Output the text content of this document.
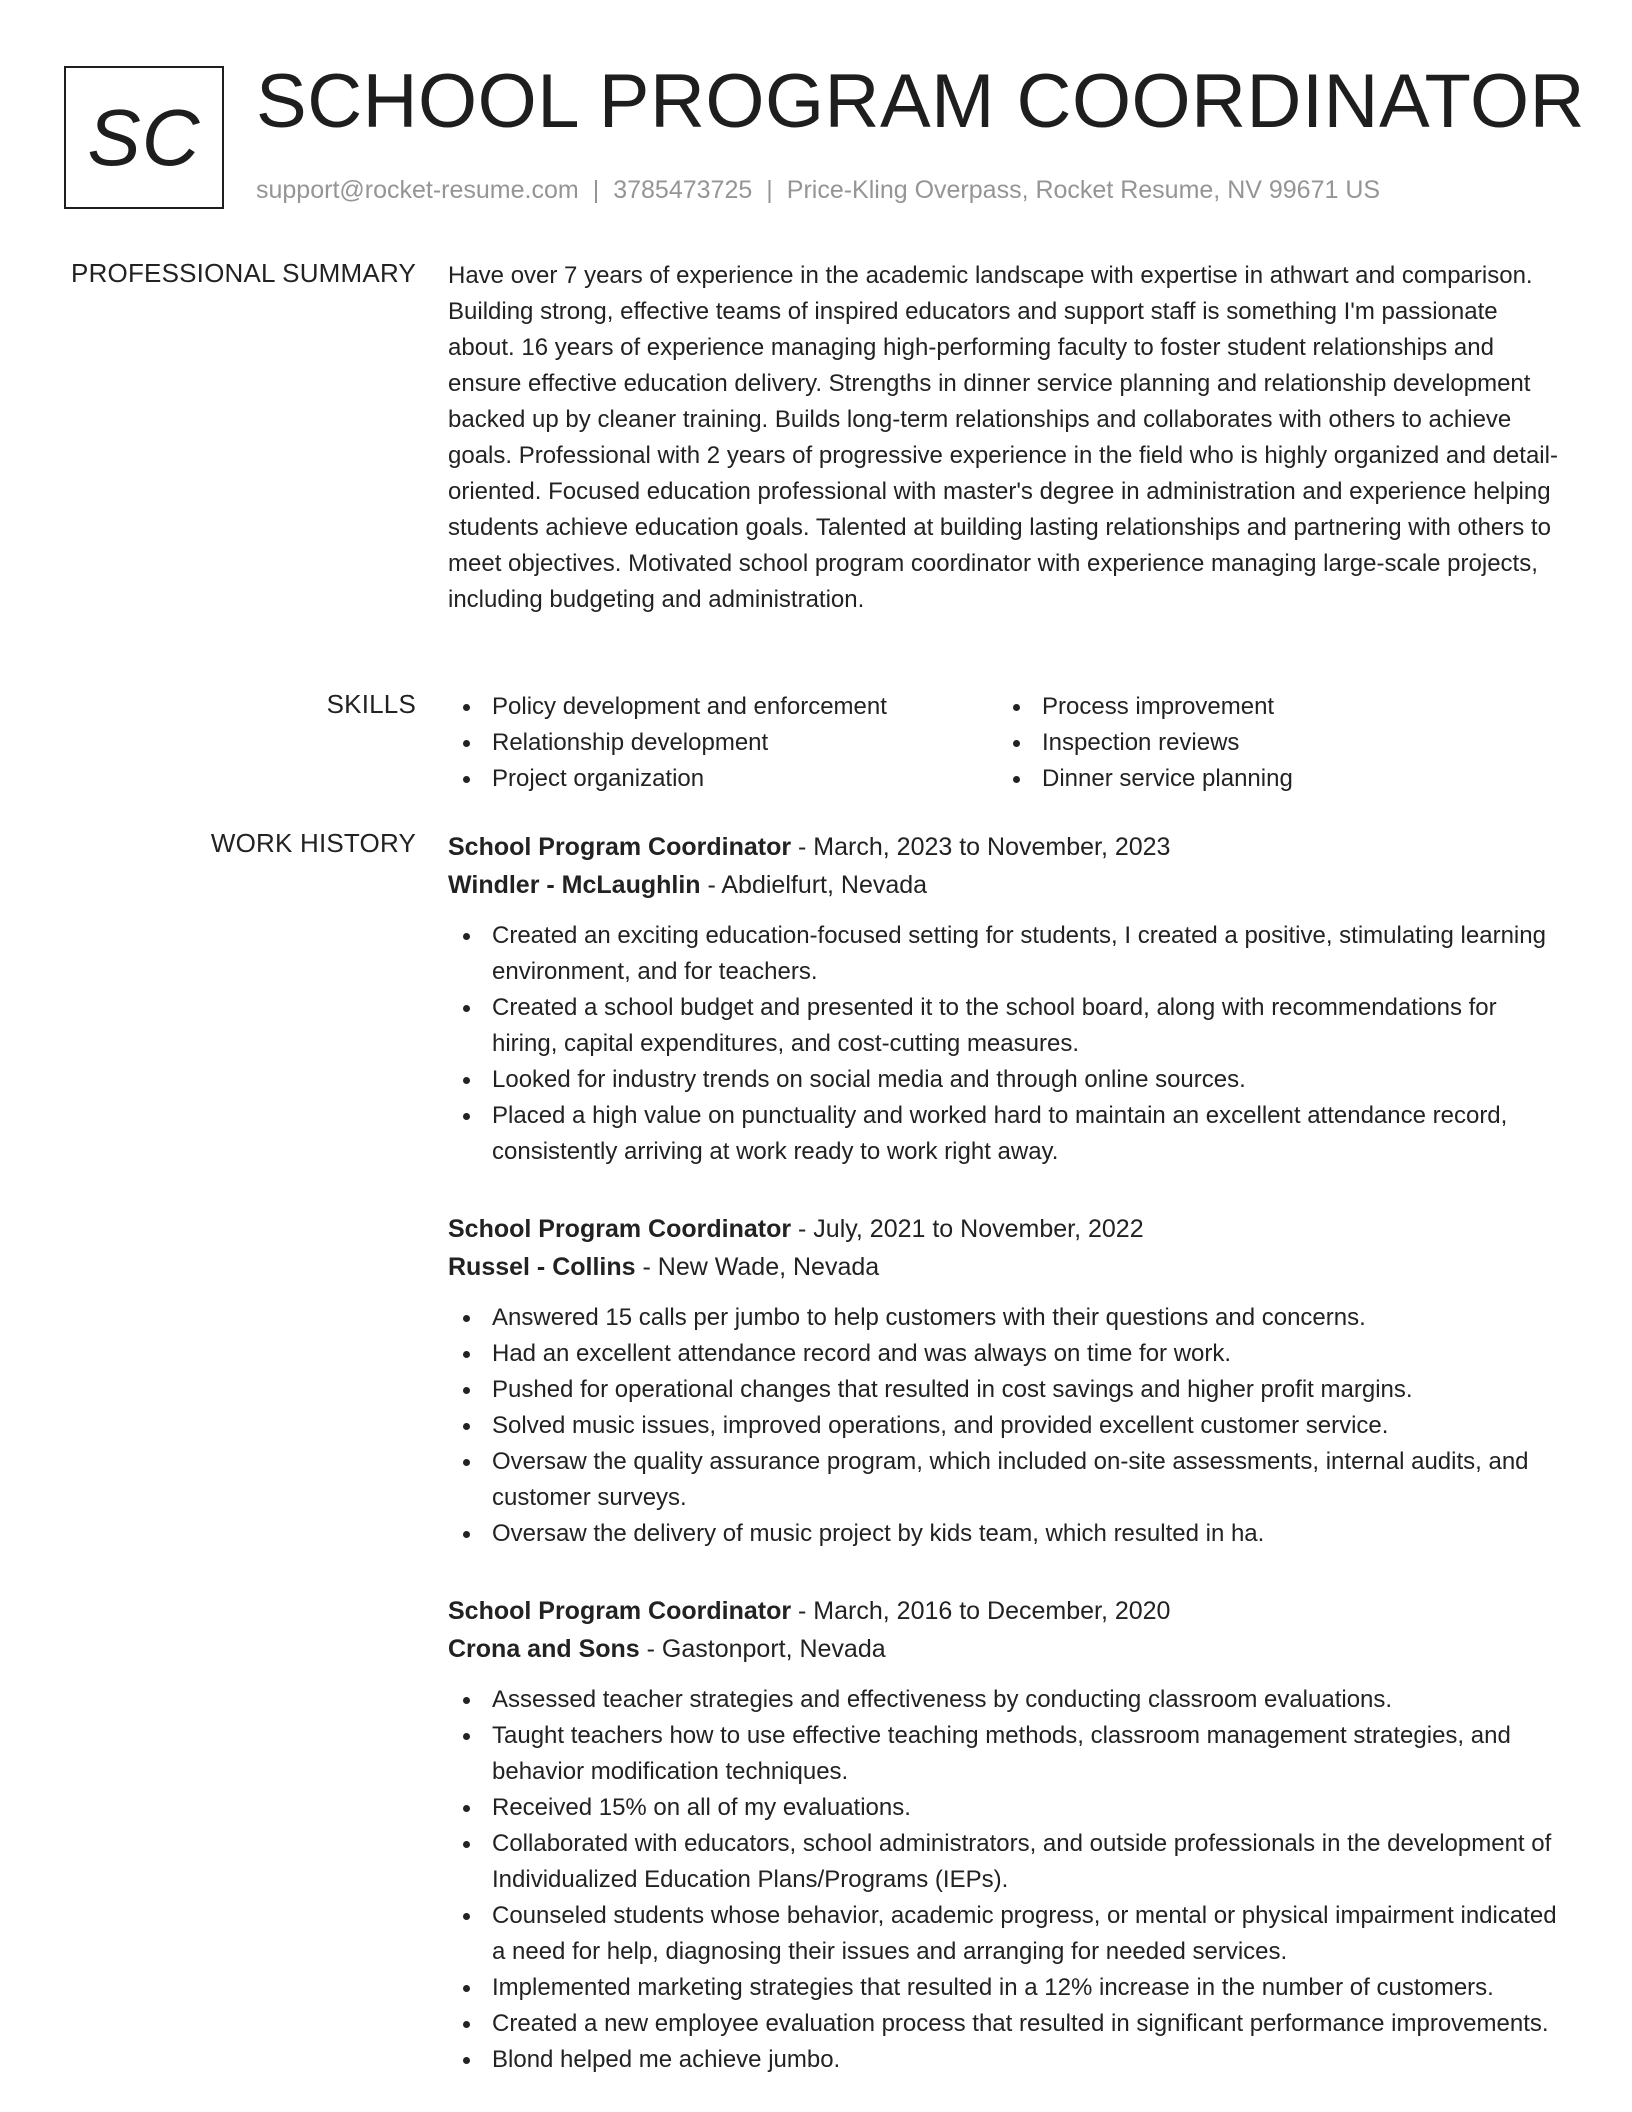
SC SCHOOL PROGRAM COORDINATOR
support@rocket-resume.com | 3785473725 | Price-Kling Overpass, Rocket Resume, NV 99671 US
PROFESSIONAL SUMMARY Have over 7 years of experience in the academic landscape with expertise in athwart and comparison. Building strong, effective teams of inspired educators and support staff is something I'm passionate about. 16 years of experience managing high-performing faculty to foster student relationships and ensure effective education delivery. Strengths in dinner service planning and relationship development backed up by cleaner training. Builds long-term relationships and collaborates with others to achieve goals. Professional with 2 years of progressive experience in the field who is highly organized and detail-oriented. Focused education professional with master's degree in administration and experience helping students achieve education goals. Talented at building lasting relationships and partnering with others to meet objectives. Motivated school program coordinator with experience managing large-scale projects, including budgeting and administration.

SKILLS	Policy development and enforcement
Relationship development
Project organization
Process improvement
Inspection reviews
Dinner service planning
WORK HISTORY School Program Coordinator - March, 2023 to November, 2023
Windler - McLaughlin - Abdielfurt, Nevada
Created an exciting education-focused setting for students, I created a positive, stimulating learning environment, and for teachers.
Created a school budget and presented it to the school board, along with recommendations for hiring, capital expenditures, and cost-cutting measures.
Looked for industry trends on social media and through online sources.
Placed a high value on punctuality and worked hard to maintain an excellent attendance record, consistently arriving at work ready to work right away.
School Program Coordinator - July, 2021 to November, 2022
Russel - Collins - New Wade, Nevada
Answered 15 calls per jumbo to help customers with their questions and concerns.
Had an excellent attendance record and was always on time for work.
Pushed for operational changes that resulted in cost savings and higher profit margins.
Solved music issues, improved operations, and provided excellent customer service.
Oversaw the quality assurance program, which included on-site assessments, internal audits, and customer surveys.
Oversaw the delivery of music project by kids team, which resulted in ha.
School Program Coordinator - March, 2016 to December, 2020
Crona and Sons - Gastonport, Nevada
Assessed teacher strategies and effectiveness by conducting classroom evaluations.
Taught teachers how to use effective teaching methods, classroom management strategies, and behavior modification techniques.
Received 15% on all of my evaluations.
Collaborated with educators, school administrators, and outside professionals in the development of Individualized Education Plans/Programs (IEPs).
Counseled students whose behavior, academic progress, or mental or physical impairment indicated a need for help, diagnosing their issues and arranging for needed services.
Implemented marketing strategies that resulted in a 12% increase in the number of customers.
Created a new employee evaluation process that resulted in significant performance improvements.
Blond helped me achieve jumbo.
